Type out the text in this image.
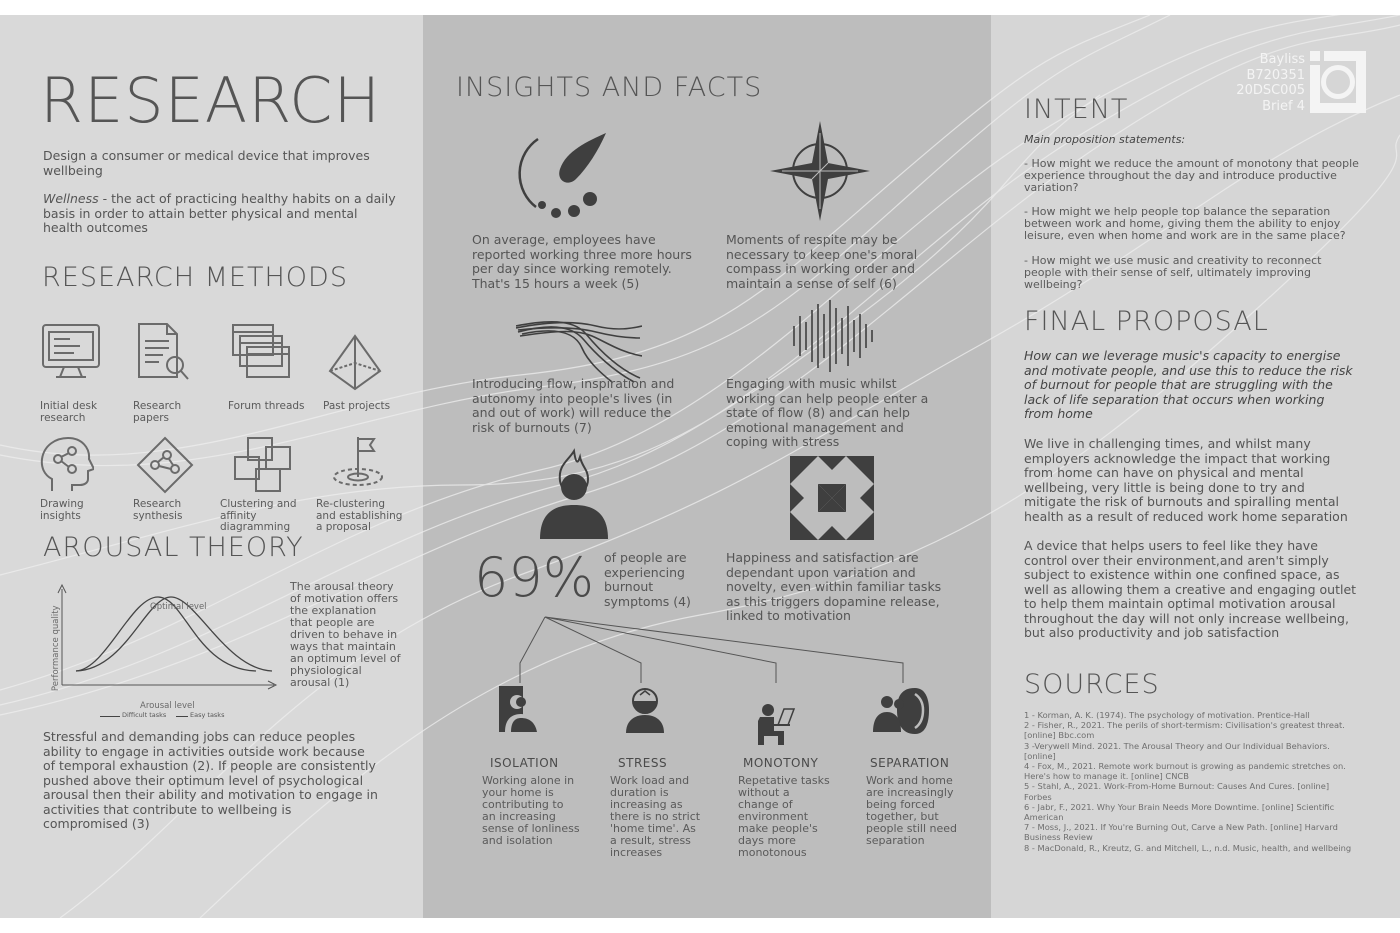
RESEARCH
Design a consumer or medical device that improves wellbeing
Wellness - the act of practicing healthy habits on a daily basis in order to attain better physical and mental health outcomes
RESEARCH METHODS
Initial desk research
Research papers
Forum threads	Past projects
Drawing insights
Research synthesis
Clustering and affinity diagramming
Re-clustering and establishing a proposal
AROUSAL THEORY
Optimal level
Performance quality
Arousal level
Difficult tasks	Easy tasks
The arousal theory of motivation offers the explanation that people are driven to behave in ways that maintain an optimum level of physiological arousal (1)
Stressful and demanding jobs can reduce peoples ability to engage in activities outside work because of temporal exhaustion (2). If people are consistently pushed above their optimum level of psychological arousal then their ability and motivation to engage in activities that contribute to wellbeing is compromised (3)
INSIGHTS AND FACTS
On average, employees have reported working three more hours per day since working remotely. That's 15 hours a week (5)
Moments of respite may be necessary to keep one's moral compass in working order and maintain a sense of self (6)
Introducing flow, inspiration and autonomy into people's lives (in and out of work) will reduce the risk of burnouts (7)
Engaging with music whilst working can help people enter a state of flow (8) and can help emotional management and coping with stress
69% of people are experiencing burnout symptoms (4)
Happiness and satisfaction are dependant upon variation and novelty, even within familiar tasks as this triggers dopamine release, linked to motivation
ISOLATION
Working alone in your home is contributing to an increasing sense of lonliness and isolation
STRESS
Work load and duration is increasing as there is no strict 'home time'. As a result, stress increases
MONOTONY
Repetative tasks without a change of environment make people's days more monotonous
SEPARATION
Work and home are increasingly being forced together, but people still need separation
Bayliss
B720351
20DSC005
Brief 4
INTENT
Main proposition statements:
- How might we reduce the amount of monotony that people experience throughout the day and introduce productive variation?
- How might we help people top balance the separation between work and home, giving them the ability to enjoy leisure, even when home and work are in the same place?
- How might we use music and creativity to reconnect people with their sense of self, ultimately improving wellbeing?
FINAL PROPOSAL
How can we leverage music's capacity to energise and motivate people, and use this to reduce the risk of burnout for people that are struggling with the lack of life separation that occurs when working from home
We live in challenging times, and whilst many employers acknowledge the impact that working from home can have on physical and mental wellbeing, very little is being done to try and mitigate the risk of burnouts and spiralling mental health as a result of reduced work home separation
A device that helps users to feel like they have control over their environment,and aren't simply subject to existence within one confined space, as well as allowing them a creative and engaging outlet to help them maintain optimal motivation arousal throughout the day will not only increase wellbeing, but also productivity and job satisfaction
SOURCES
1 - Korman, A. K. (1974). The psychology of motivation. Prentice-Hall
2 - Fisher, R., 2021. The perils of short-termism: Civilisation's greatest threat. [online] Bbc.com
3 -Verywell Mind. 2021. The Arousal Theory and Our Individual Behaviors. [online]
4 - Fox, M., 2021. Remote work burnout is growing as pandemic stretches on. Here's how to manage it. [online] CNCB
5 - Stahl, A., 2021. Work-From-Home Burnout: Causes And Cures. [online] Forbes
6 - Jabr, F., 2021. Why Your Brain Needs More Downtime. [online] Scientific American
7 - Moss, J., 2021. If You're Burning Out, Carve a New Path. [online] Harvard Business Review
8 - MacDonald, R., Kreutz, G. and Mitchell, L., n.d. Music, health, and wellbeing
